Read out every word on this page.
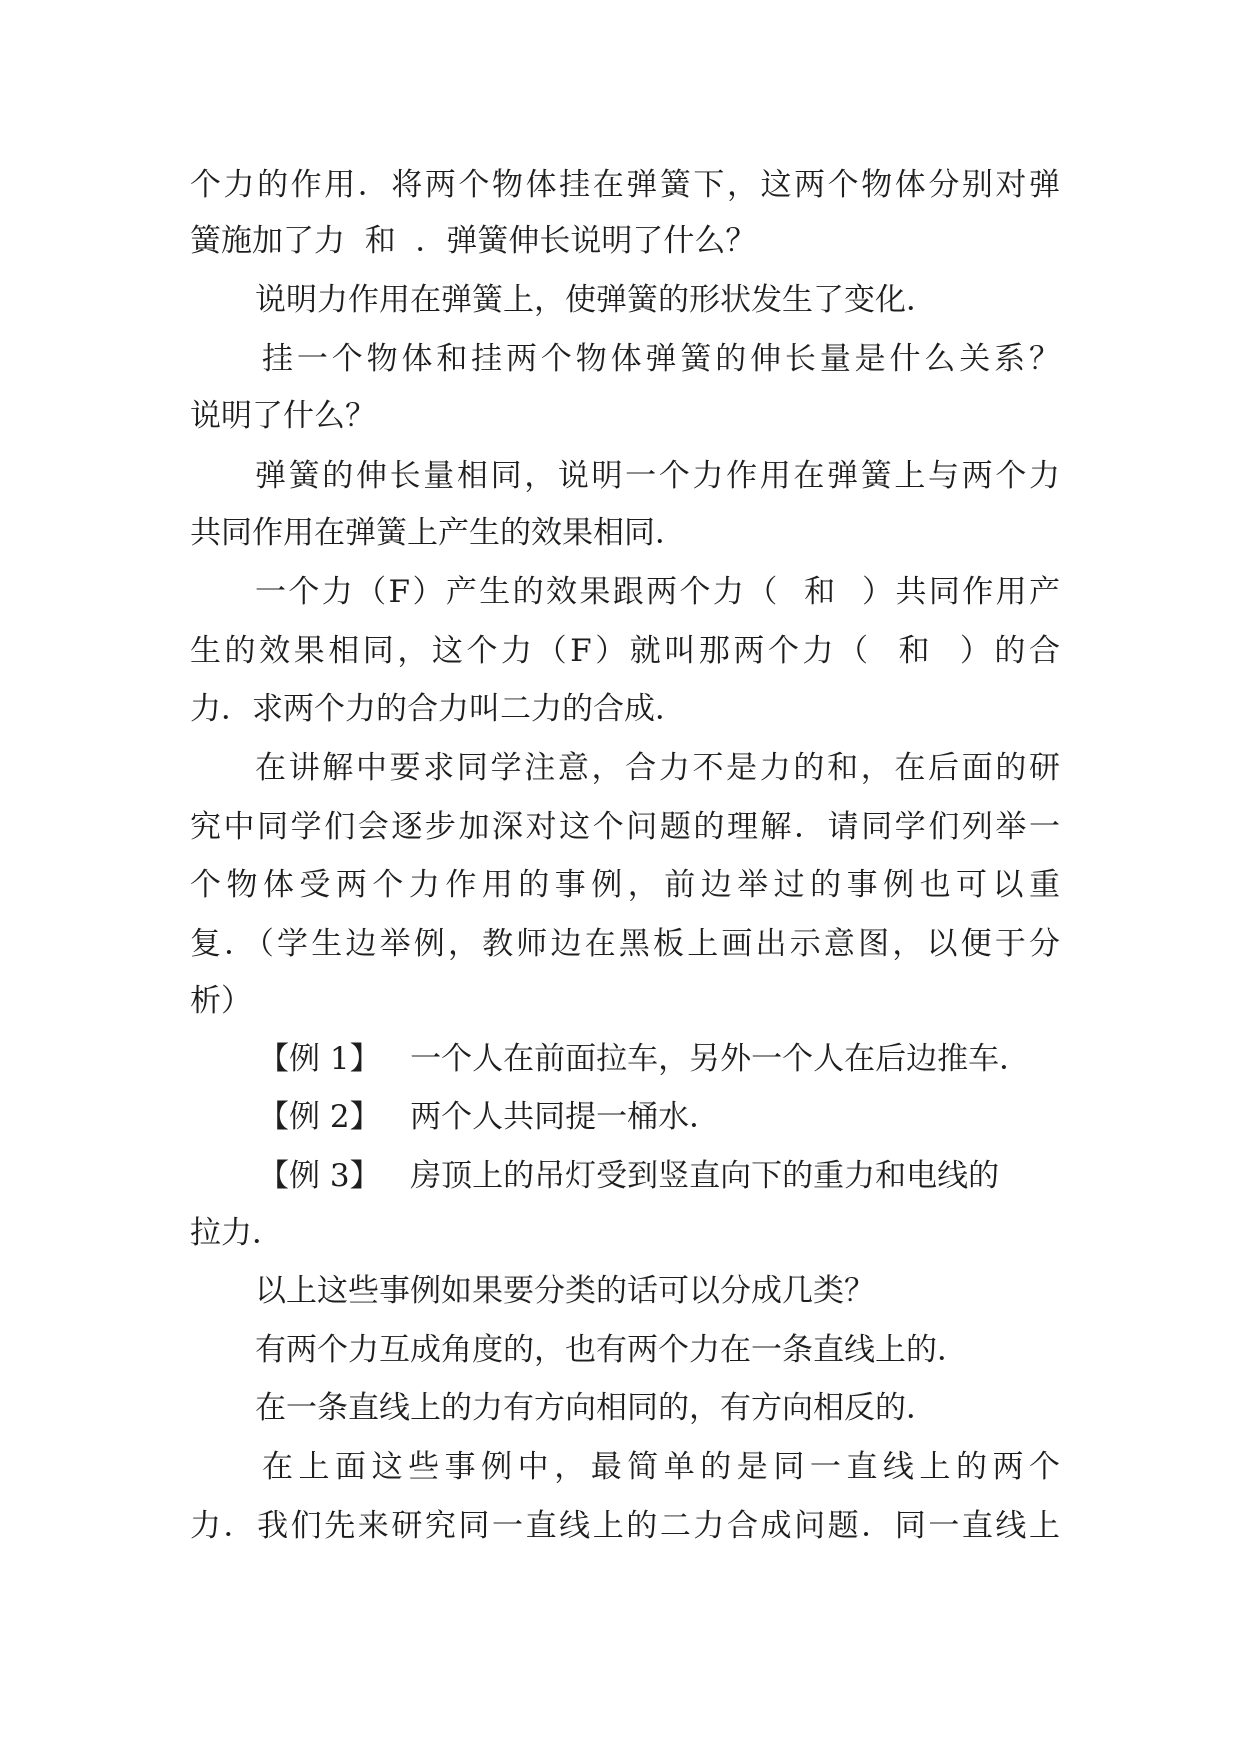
个力的作用．将两个物体挂在弹簧下，这两个物体分别对弹
簧施加了力  和  ．弹簧伸长说明了什么？
说明力作用在弹簧上，使弹簧的形状发生了变化．
挂一个物体和挂两个物体弹簧的伸长量是什么关系？
说明了什么？
弹簧的伸长量相同，说明一个力作用在弹簧上与两个力
共同作用在弹簧上产生的效果相同．
一个力（F）产生的效果跟两个力（  和  ）共同作用产
生的效果相同，这个力（F）就叫那两个力（  和  ）的合
力．求两个力的合力叫二力的合成．
在讲解中要求同学注意，合力不是力的和，在后面的研
究中同学们会逐步加深对这个问题的理解．请同学们列举一
个物体受两个力作用的事例，前边举过的事例也可以重
复．（学生边举例，教师边在黑板上画出示意图，以便于分
析）
【例 1】   一个人在前面拉车，另外一个人在后边推车．
【例 2】   两个人共同提一桶水．
【例 3】   房顶上的吊灯受到竖直向下的重力和电线的
拉力．
以上这些事例如果要分类的话可以分成几类？
有两个力互成角度的，也有两个力在一条直线上的．
在一条直线上的力有方向相同的，有方向相反的．
在上面这些事例中，最简单的是同一直线上的两个
力．我们先来研究同一直线上的二力合成问题．同一直线上
